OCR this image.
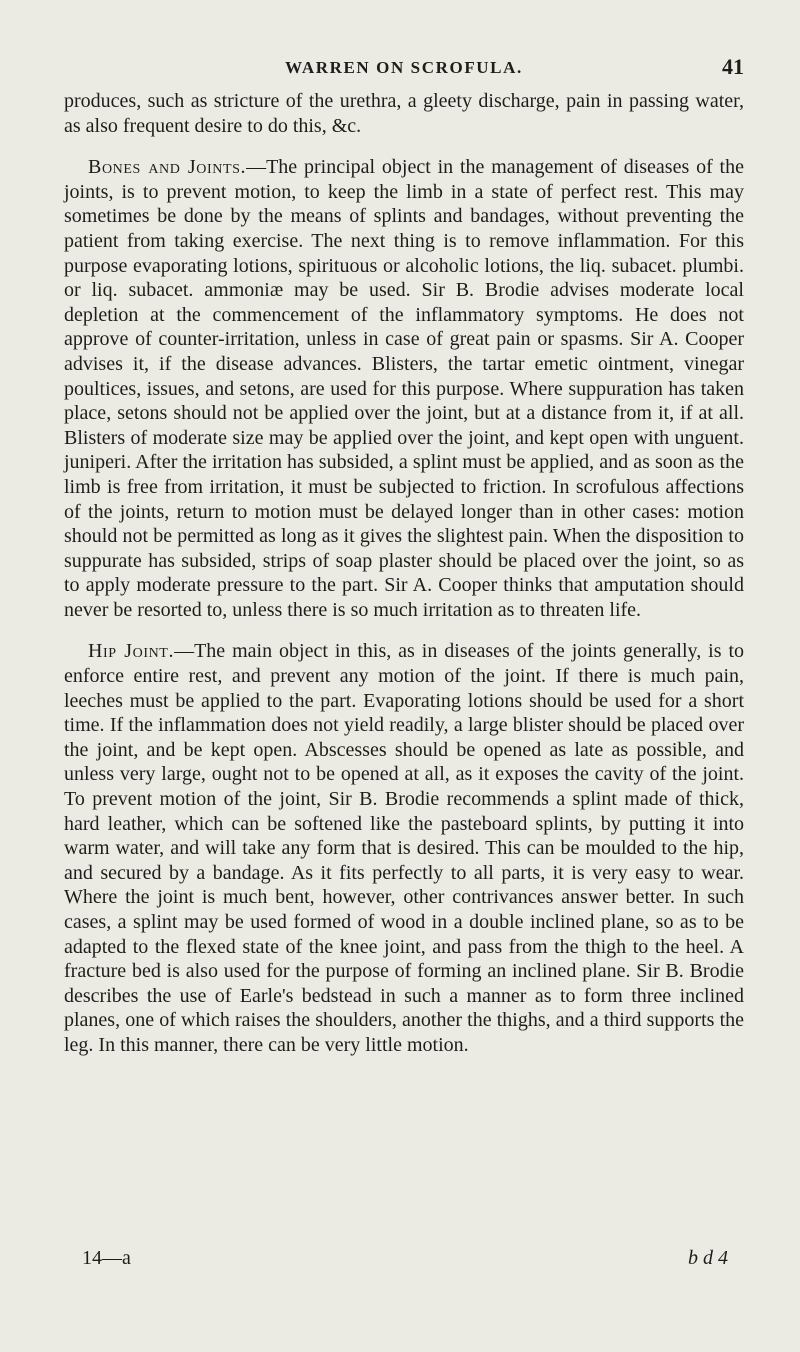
WARREN ON SCROFULA.	41

produces, such as stricture of the urethra, a gleety discharge, pain in passing water, as also frequent desire to do this, &c.

Bones and Joints.—The principal object in the management of diseases of the joints, is to prevent motion, to keep the limb in a state of perfect rest. This may sometimes be done by the means of splints and bandages, without preventing the patient from taking exercise. The next thing is to remove inflammation. For this purpose evaporating lotions, spirituous or alcoholic lotions, the liq. subacet. plumbi. or liq. subacet. ammoniæ may be used. Sir B. Brodie advises moderate local depletion at the commencement of the inflammatory symptoms. He does not approve of counter-irritation, unless in case of great pain or spasms. Sir A. Cooper advises it, if the disease advances. Blisters, the tartar emetic ointment, vinegar poultices, issues, and setons, are used for this purpose. Where suppuration has taken place, setons should not be applied over the joint, but at a distance from it, if at all. Blisters of moderate size may be applied over the joint, and kept open with unguent. juniperi. After the irritation has subsided, a splint must be applied, and as soon as the limb is free from irritation, it must be subjected to friction. In scrofulous affections of the joints, return to motion must be delayed longer than in other cases: motion should not be permitted as long as it gives the slightest pain. When the disposition to suppurate has subsided, strips of soap plaster should be placed over the joint, so as to apply moderate pressure to the part. Sir A. Cooper thinks that amputation should never be resorted to, unless there is so much irritation as to threaten life.

Hip Joint.—The main object in this, as in diseases of the joints generally, is to enforce entire rest, and prevent any motion of the joint. If there is much pain, leeches must be applied to the part. Evaporating lotions should be used for a short time. If the inflammation does not yield readily, a large blister should be placed over the joint, and be kept open. Abscesses should be opened as late as possible, and unless very large, ought not to be opened at all, as it exposes the cavity of the joint. To prevent motion of the joint, Sir B. Brodie recommends a splint made of thick, hard leather, which can be softened like the pasteboard splints, by putting it into warm water, and will take any form that is desired. This can be moulded to the hip, and secured by a bandage. As it fits perfectly to all parts, it is very easy to wear. Where the joint is much bent, however, other contrivances answer better. In such cases, a splint may be used formed of wood in a double inclined plane, so as to be adapted to the flexed state of the knee joint, and pass from the thigh to the heel. A fracture bed is also used for the purpose of forming an inclined plane. Sir B. Brodie describes the use of Earle's bedstead in such a manner as to form three inclined planes, one of which raises the shoulders, another the thighs, and a third supports the leg. In this manner, there can be very little motion.

14—a	b d 4
